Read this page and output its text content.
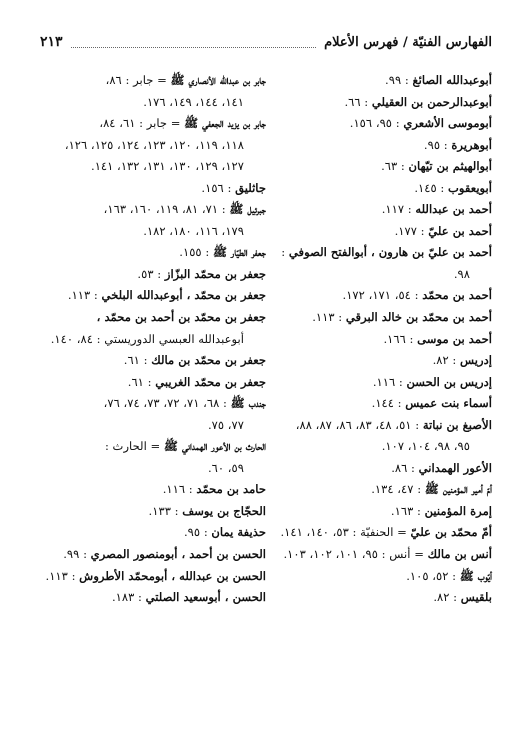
الفهارس الفنيّة / فهرس الأعلام
٢١٣
أبوعبدالله الصائغ : ٩٩.
أبوعبدالرحمن بن العقيلي : ٦٦.
أبوموسى الأشعري : ٩٥، ١٥٦.
أبوهريرة : ٩٥.
أبوالهيثم بن تيّهان : ٦٣.
أبويعقوب : ١٤٥.
أحمد بن عبدالله : ١١٧.
أحمد بن عليّ : ١٧٧.
أحمد بن عليّ بن هارون ، أبوالفتح الصوفي :
٩٨.
أحمد بن محمّد : ٥٤، ١٧١، ١٧٢.
أحمد بن محمّد بن خالد البرقي : ١١٣.
أحمد بن موسى : ١٦٦.
إدريس : ٨٢.
إدريس بن الحسن : ١١٦.
أسماء بنت عميس : ١٤٤.
الأصبغ بن نباتة : ٥١، ٤٨، ٨٣، ٨٦، ٨٧، ٨٨،
٩٥، ٩٨، ١٠٤، ١٠٧.
الأعور الهمداني : ٨٦.
أمّ أمير المؤمنين ﷺ : ٤٧، ١٣٤.
إمرة المؤمنين : ١٦٣.
أمّ محمّد بن عليّ = الحنفيّة : ٥٣، ١٤٠، ١٤١.
أنس بن مالك = أنس : ٩٥، ١٠١، ١٠٢، ١٠٣.
أيّوب ﷺ : ٥٢، ١٠٥.
بلقيس : ٨٢.
جابر بن عبدالله الأنصاري ﷺ = جابر : ٨٦،
١٤١، ١٤٤، ١٤٩، ١٧٦.
جابر بن يزيد الجعفي ﷺ = جابر : ٦١، ٨٤،
١١٨، ١١٩، ١٢٠، ١٢٣، ١٢٤، ١٢٥، ١٢٦،
١٢٧، ١٢٩، ١٣٠، ١٣١، ١٣٢، ١٤١.
جاثليق : ١٥٦.
جبرئيل ﷺ : ٧١، ٨١، ١١٩، ١٦٠، ١٦٣،
١٧٩، ١١٦، ١٨٠، ١٨٢.
جعفر الطيّار ﷺ : ١٥٥.
جعفر بن محمّد البزّاز : ٥٣.
جعفر بن محمّد ، أبوعبدالله البلخي : ١١٣.
جعفر بن محمّد بن أحمد بن محمّد ،
أبوعبدالله العبسي الدوريستي : ٨٤، ١٤٠.
جعفر بن محمّد بن مالك : ٦١.
جعفر بن محمّد الغريبي : ٦١.
جندب ﷺ : ٦٨، ٧١، ٧٢، ٧٣، ٧٤، ٧٦،
٧٧، ٧٥.
الحارث بن الأعور الهمداني ﷺ = الحارث :
٥٩، ٦٠.
حامد بن محمّد : ١١٦.
الحجّاج بن يوسف : ١٣٣.
حذيفة يمان : ٩٥.
الحسن بن أحمد ، أبومنصور المصري : ٩٩.
الحسن بن عبدالله ، أبومحمّد الأطروش : ١١٣.
الحسن ، أبوسعيد الصلتي : ١٨٣.
